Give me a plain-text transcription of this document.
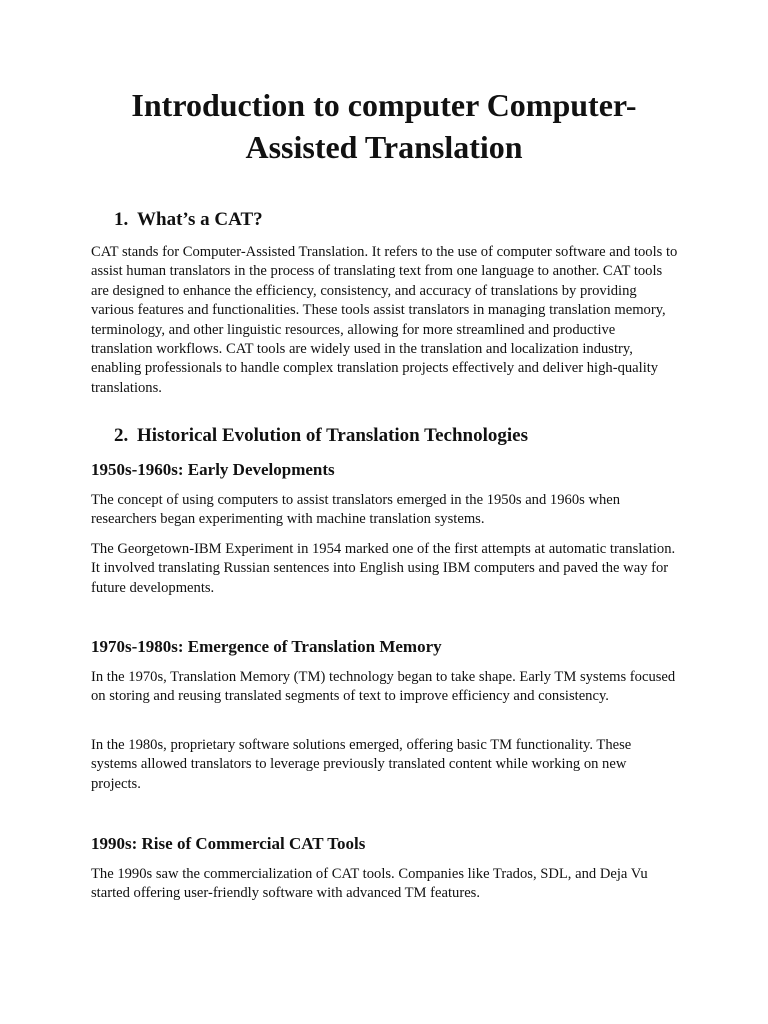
Introduction to computer Computer-Assisted Translation
1. What’s a CAT?

CAT stands for Computer-Assisted Translation. It refers to the use of computer software and tools to assist human translators in the process of translating text from one language to another. CAT tools are designed to enhance the efficiency, consistency, and accuracy of translations by providing various features and functionalities. These tools assist translators in managing translation memory, terminology, and other linguistic resources, allowing for more streamlined and productive translation workflows. CAT tools are widely used in the translation and localization industry, enabling professionals to handle complex translation projects effectively and deliver high-quality translations.

2. Historical Evolution of Translation Technologies
1950s-1960s: Early Developments

The concept of using computers to assist translators emerged in the 1950s and 1960s when researchers began experimenting with machine translation systems.

The Georgetown-IBM Experiment in 1954 marked one of the first attempts at automatic translation. It involved translating Russian sentences into English using IBM computers and paved the way for future developments.

1970s-1980s: Emergence of Translation Memory

In the 1970s, Translation Memory (TM) technology began to take shape. Early TM systems focused on storing and reusing translated segments of text to improve efficiency and consistency.

In the 1980s, proprietary software solutions emerged, offering basic TM functionality. These systems allowed translators to leverage previously translated content while working on new projects.

1990s: Rise of Commercial CAT Tools

The 1990s saw the commercialization of CAT tools. Companies like Trados, SDL, and Deja Vu started offering user-friendly software with advanced TM features.
